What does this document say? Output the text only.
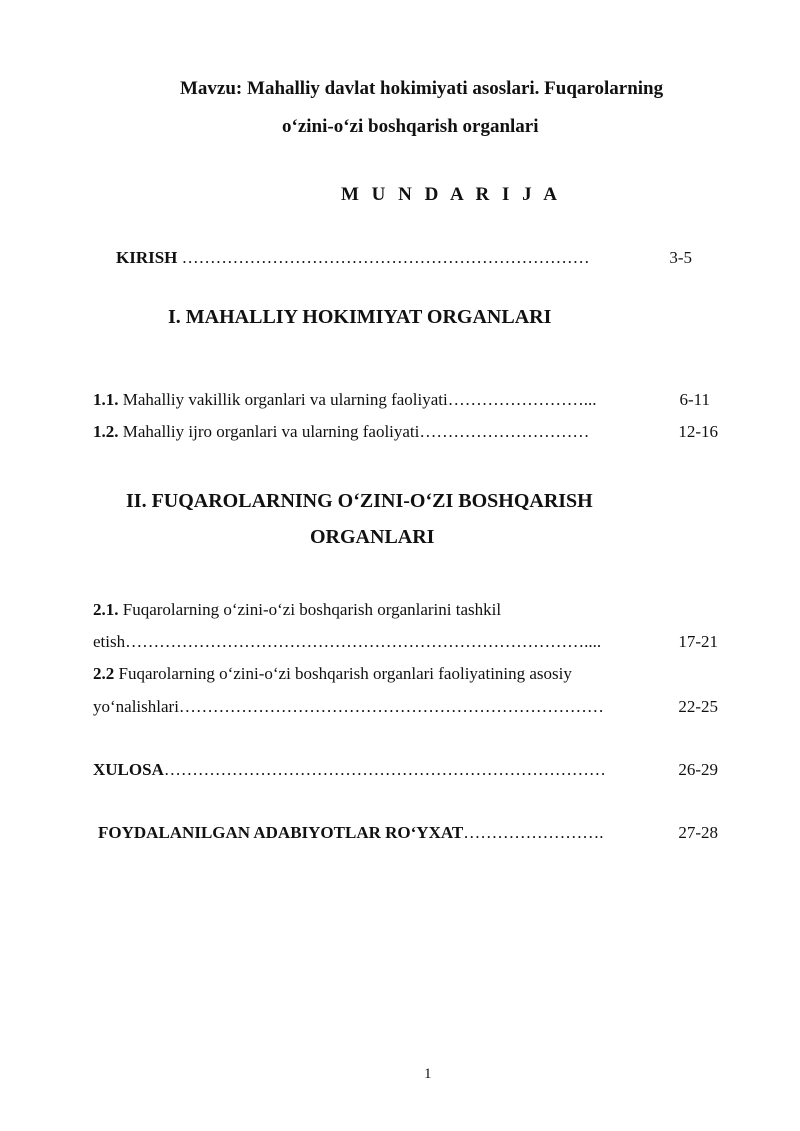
Mavzu: Mahalliy davlat hokimiyati asoslari. Fuqarolarning
o‘zini-o‘zi boshqarish organlari
M U N D A R I J A
KIRISH ………………………………………………………………	3-5
I. MAHALLIY HOKIMIYAT ORGANLARI
1.1. Mahalliy vakillik organlari va ularning faoliyati……………………...	6-11
1.2. Mahalliy ijro organlari va ularning faoliyati…………………………	12-16
II. FUQAROLARNING O‘ZINI-O‘ZI BOSHQARISH
ORGANLARI
2.1. Fuqarolarning o‘zini-o‘zi boshqarish organlarini tashkil
etish………………………………………………………………………....	17-21
2.2 Fuqarolarning o‘zini-o‘zi boshqarish organlari faoliyatining asosiy
yo‘nalishlari…………………………………………………………………	22-25
XULOSA……………………………………………………………………	26-29
FOYDALANILGAN ADABIYOTLAR RO‘YXAT…………………….	27-28
1
